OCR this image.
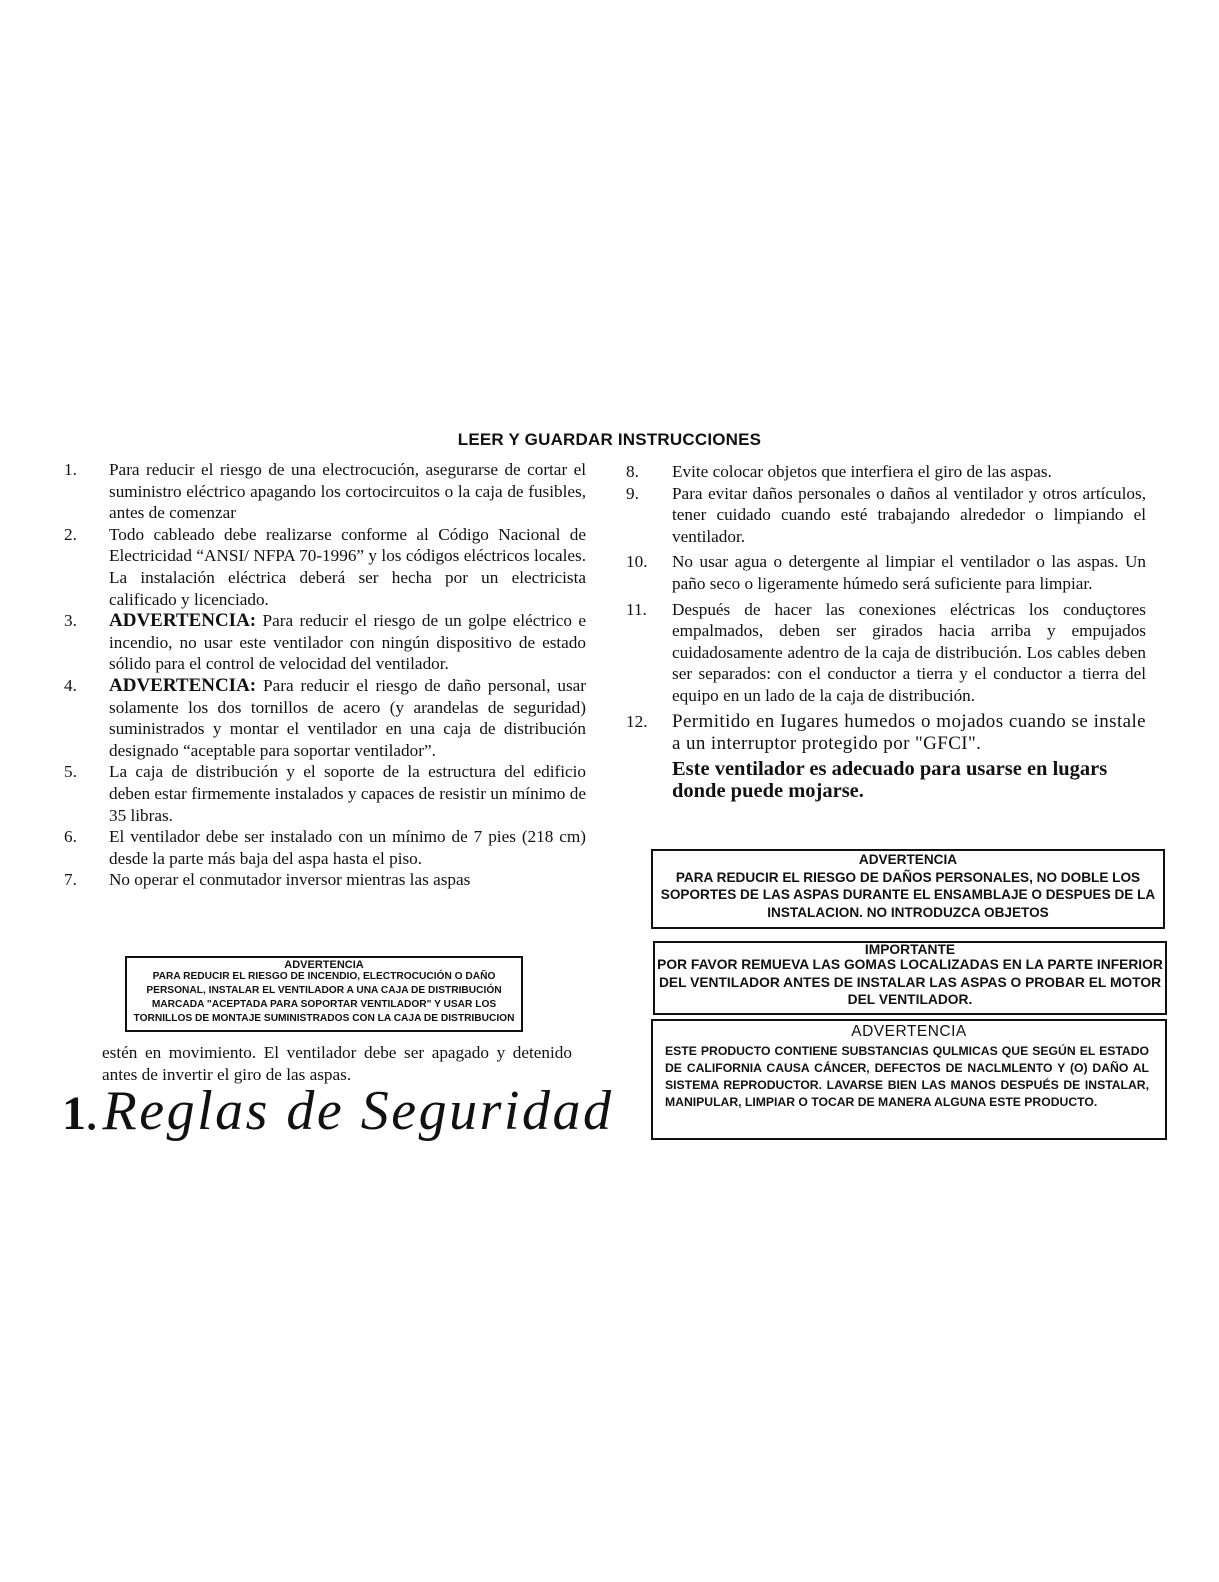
LEER Y GUARDAR INSTRUCCIONES
1.	Para reducir el riesgo de una electrocución, asegurarse de cortar el suministro eléctrico apagando los cortocircuitos o la caja de fusibles, antes de comenzar
2.	Todo cableado debe realizarse conforme al Código Nacional de Electricidad “ANSI/ NFPA 70-1996” y los códigos eléctricos locales. La instalación eléctrica deberá ser hecha por un electricista calificado y licenciado.
3.	ADVERTENCIA: Para reducir el riesgo de un golpe eléctrico e incendio, no usar este ventilador con ningún dispositivo de estado sólido para el control de velocidad del ventilador.
4.	ADVERTENCIA: Para reducir el riesgo de daño personal, usar solamente los dos tornillos de acero (y arandelas de seguridad) suministrados y montar el ventilador en una caja de distribución designado “aceptable para soportar ventilador”.
5.	La caja de distribución y el soporte de la estructura del edificio deben estar firmemente instalados y capaces de resistir un mínimo de 35 libras.
6.	El ventilador debe ser instalado con un mínimo de 7 pies (218 cm) desde la parte más baja del aspa hasta el piso.
7.	No operar el conmutador inversor mientras las aspas
ADVERTENCIA
PARA REDUCIR EL RIESGO DE INCENDIO, ELECTROCUCIÓN O DAÑO PERSONAL, INSTALAR EL VENTILADOR A UNA CAJA DE DISTRIBUCIÓN MARCADA "ACEPTADA PARA SOPORTAR VENTILADOR" Y USAR LOS TORNILLOS DE MONTAJE SUMINISTRADOS CON LA CAJA DE DISTRIBUCION
estén en movimiento. El ventilador debe ser apagado y detenido antes de invertir el giro de las aspas.
1.Reglas de Seguridad
8.	Evite colocar objetos que interfiera el giro de las aspas.
9.	Para evitar daños personales o daños al ventilador y otros artículos, tener cuidado cuando esté trabajando alrededor o limpiando el ventilador.
10.	No usar agua o detergente al limpiar el ventilador o las aspas. Un paño seco o ligeramente húmedo será suficiente para limpiar.
11.	Después de hacer las conexiones eléctricas los conduçtores empalmados, deben ser girados hacia arriba y empujados cuidadosamente adentro de la caja de distribución. Los cables deben ser separados: con el conductor a tierra y el conductor a tierra del equipo en un lado de la caja de distribución.
12.	Permitido en Iugares humedos o mojados cuando se instale a un interruptor protegido por "GFCI".
Este ventilador es adecuado para usarse en lugars donde puede mojarse.
ADVERTENCIA
PARA REDUCIR EL RIESGO DE DAÑOS PERSONALES, NO DOBLE LOS SOPORTES DE LAS ASPAS DURANTE EL ENSAMBLAJE O DESPUES DE LA INSTALACION. NO INTRODUZCA OBJETOS
IMPORTANTE
POR FAVOR REMUEVA LAS GOMAS LOCALIZADAS EN LA PARTE INFERIOR DEL VENTILADOR ANTES DE INSTALAR LAS ASPAS O PROBAR EL MOTOR DEL VENTILADOR.
ADVERTENCIA
ESTE PRODUCTO CONTIENE SUBSTANCIAS QULMICAS QUE SEGÚN EL ESTADO DE CALIFORNIA CAUSA CÁNCER, DEFECTOS DE NACLMLENTO Y (O) DAÑO AL SISTEMA REPRODUCTOR. LAVARSE BIEN LAS MANOS DESPUÉS DE INSTALAR, MANIPULAR, LIMPIAR O TOCAR DE MANERA ALGUNA ESTE PRODUCTO.
